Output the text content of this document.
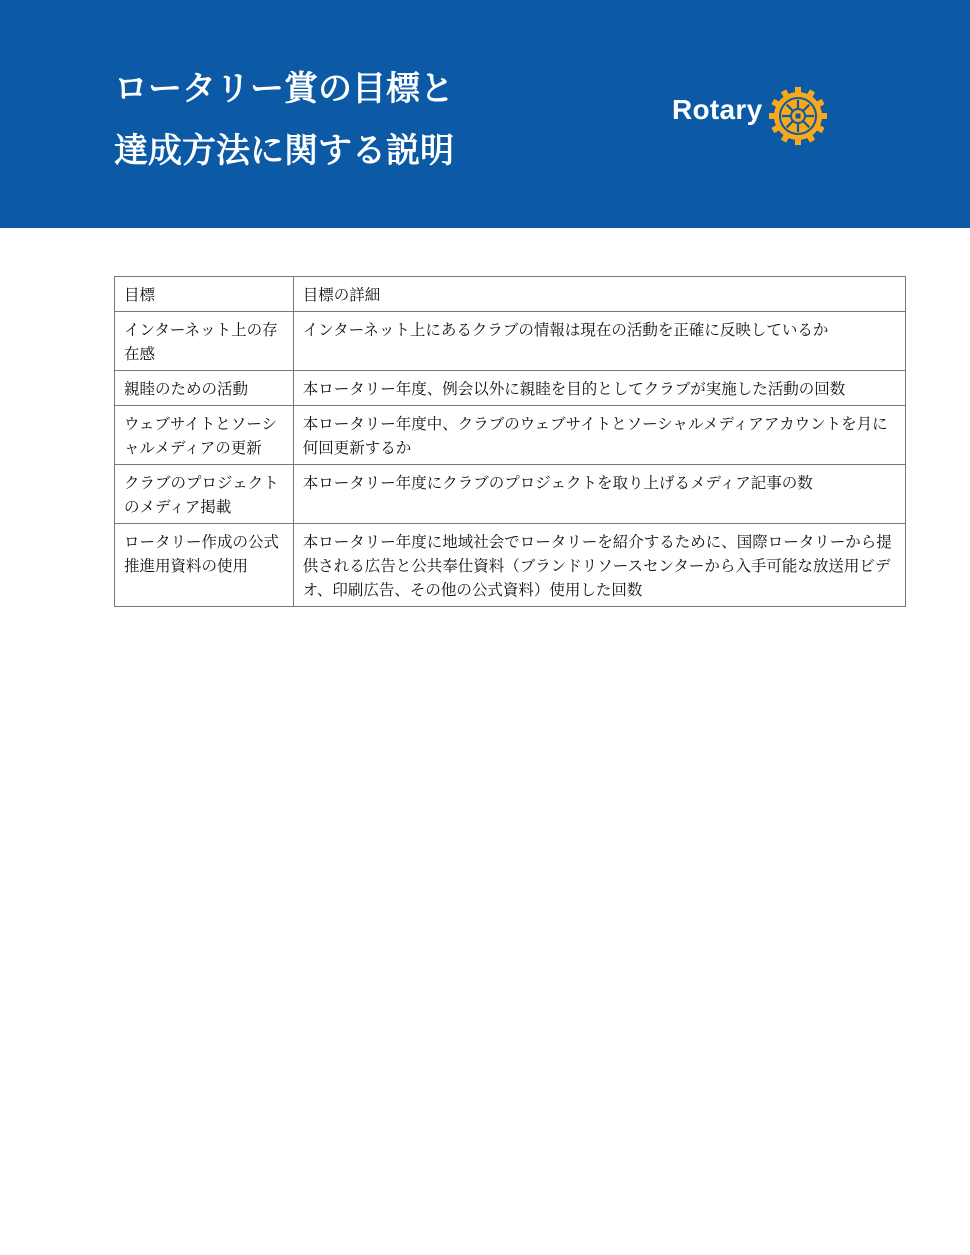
ロータリー賞の目標と
達成方法に関する説明
Rotary
目標	目標の詳細
インターネット上の存在感	インターネット上にあるクラブの情報は現在の活動を正確に反映しているか
親睦のための活動	本ロータリー年度、例会以外に親睦を目的としてクラブが実施した活動の回数
ウェブサイトとソーシャルメディアの更新	本ロータリー年度中、クラブのウェブサイトとソーシャルメディアアカウントを月に何回更新するか
クラブのプロジェクトのメディア掲載	本ロータリー年度にクラブのプロジェクトを取り上げるメディア記事の数
ロータリー作成の公式推進用資料の使用	本ロータリー年度に地域社会でロータリーを紹介するために、国際ロータリーから提供される広告と公共奉仕資料（ブランドリソースセンターから入手可能な放送用ビデオ、印刷広告、その他の公式資料）使用した回数
